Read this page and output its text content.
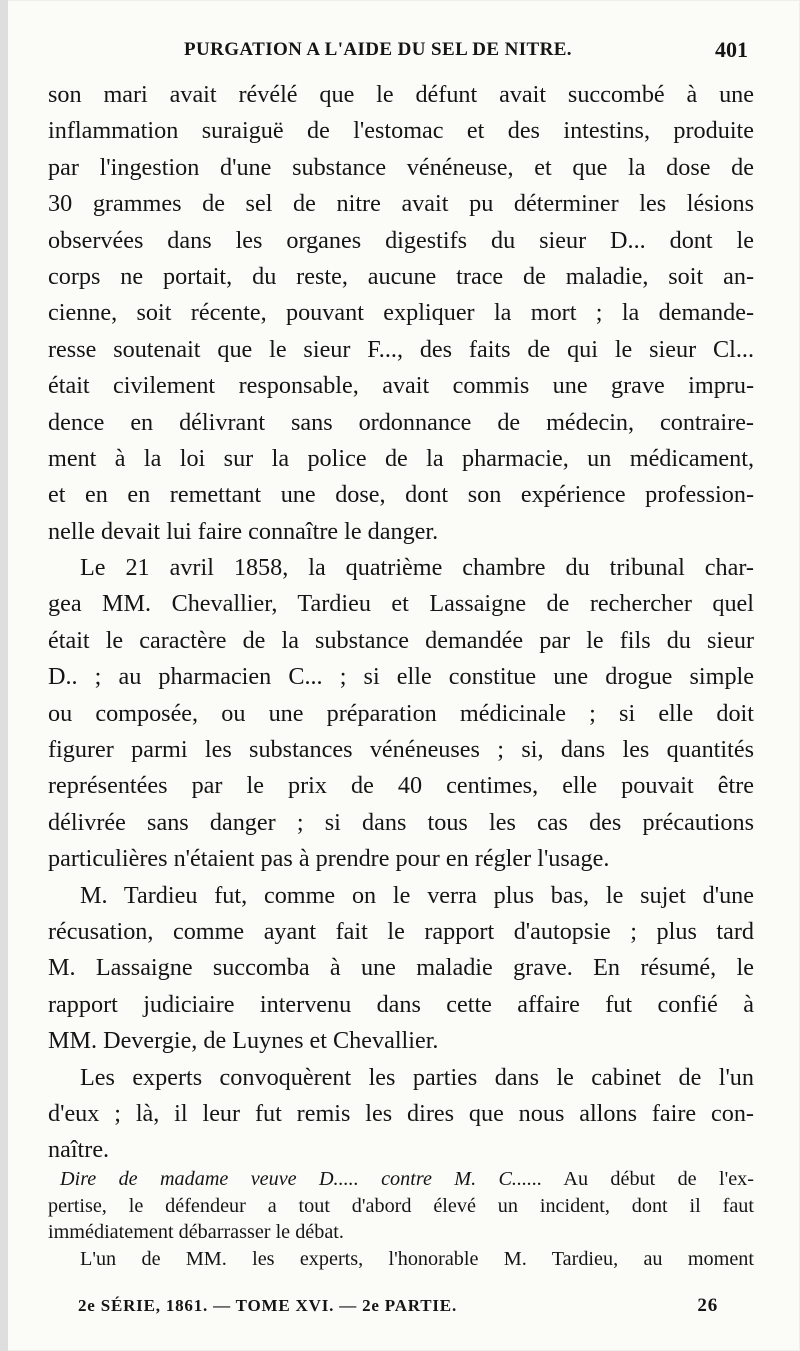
PURGATION A L'AIDE DU SEL DE NITRE.	401
son mari avait révélé que le défunt avait succombé à une
inflammation suraiguë de l'estomac et des intestins, produite
par l'ingestion d'une substance vénéneuse, et que la dose de
30 grammes de sel de nitre avait pu déterminer les lésions
observées dans les organes digestifs du sieur D... dont le
corps ne portait, du reste, aucune trace de maladie, soit an-
cienne, soit récente, pouvant expliquer la mort ; la demande-
resse soutenait que le sieur F..., des faits de qui le sieur Cl...
était civilement responsable, avait commis une grave impru-
dence en délivrant sans ordonnance de médecin, contraire-
ment à la loi sur la police de la pharmacie, un médicament,
et en en remettant une dose, dont son expérience profession-
nelle devait lui faire connaître le danger.
Le 21 avril 1858, la quatrième chambre du tribunal char-
gea MM. Chevallier, Tardieu et Lassaigne de rechercher quel
était le caractère de la substance demandée par le fils du sieur
D.. ; au pharmacien C... ; si elle constitue une drogue simple
ou composée, ou une préparation médicinale ; si elle doit
figurer parmi les substances vénéneuses ; si, dans les quantités
représentées par le prix de 40 centimes, elle pouvait être
délivrée sans danger ; si dans tous les cas des précautions
particulières n'étaient pas à prendre pour en régler l'usage.
M. Tardieu fut, comme on le verra plus bas, le sujet d'une
récusation, comme ayant fait le rapport d'autopsie ; plus tard
M. Lassaigne succomba à une maladie grave. En résumé, le
rapport judiciaire intervenu dans cette affaire fut confié à
MM. Devergie, de Luynes et Chevallier.
Les experts convoquèrent les parties dans le cabinet de l'un
d'eux ; là, il leur fut remis les dires que nous allons faire con-
naître.
Dire de madame veuve D..... contre M. C...... Au début de l'ex-
pertise, le défendeur a tout d'abord élevé un incident, dont il faut
immédiatement débarrasser le débat.
L'un de MM. les experts, l'honorable M. Tardieu, au moment
2e SÉRIE, 1861. — TOME XVI. — 2e PARTIE.	26
